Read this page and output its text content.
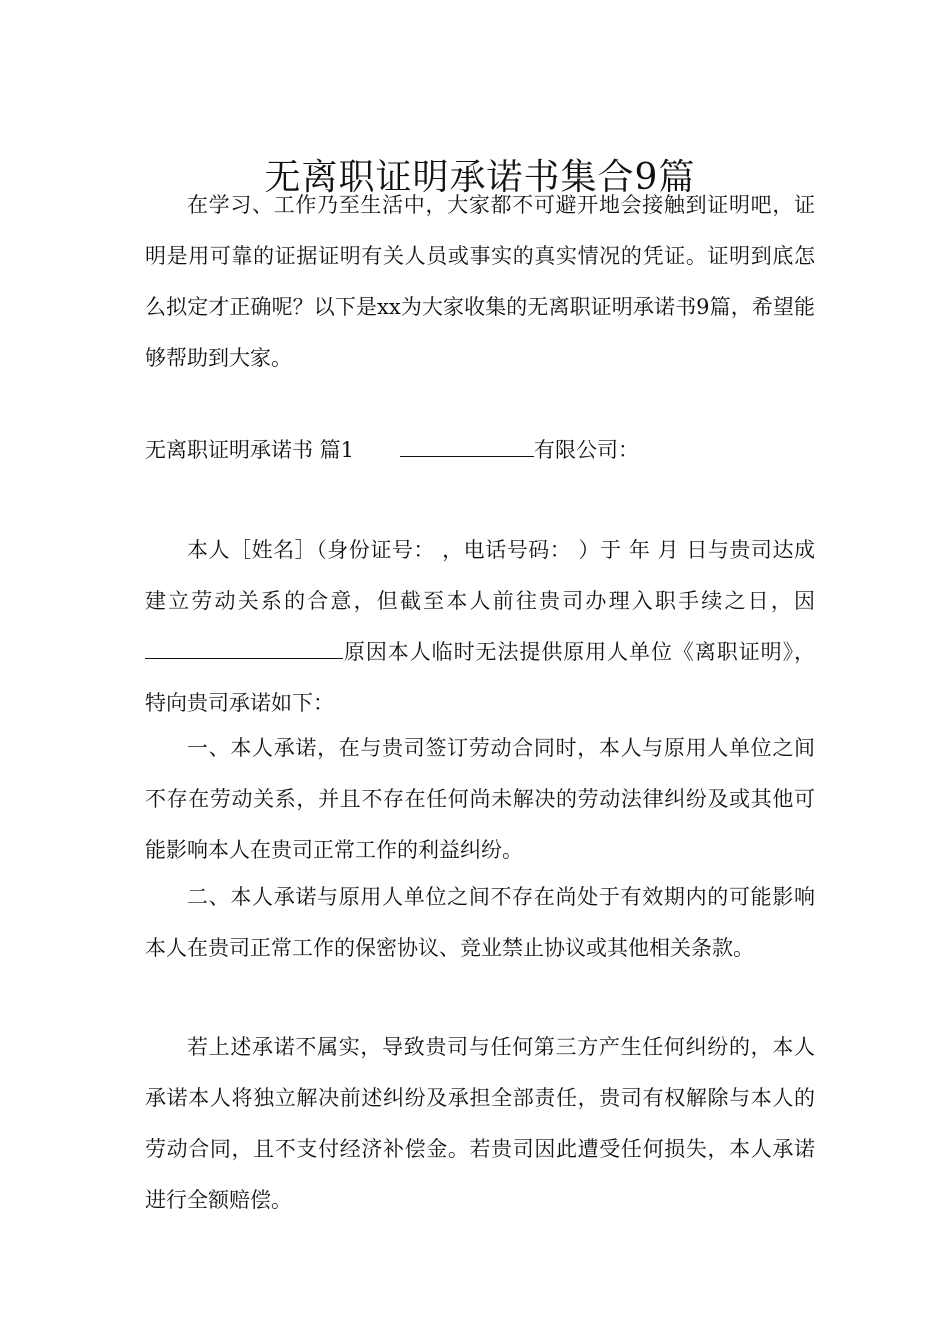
无离职证明承诺书集合9篇

在学习、工作乃至生活中，大家都不可避开地会接触到证明吧，证明是用可靠的证据证明有关人员或事实的真实情况的凭证。证明到底怎么拟定才正确呢？以下是xx为大家收集的无离职证明承诺书9篇，希望能够帮助到大家。

无离职证明承诺书 篇1	有限公司：

本人［姓名］（身份证号： ，电话号码： ）于 年 月 日与贵司达成建立劳动关系的合意，但截至本人前往贵司办理入职手续之日，因原因本人临时无法提供原用人单位《离职证明》，特向贵司承诺如下：

一、本人承诺，在与贵司签订劳动合同时，本人与原用人单位之间不存在劳动关系，并且不存在任何尚未解决的劳动法律纠纷及或其他可能影响本人在贵司正常工作的利益纠纷。

二、本人承诺与原用人单位之间不存在尚处于有效期内的可能影响本人在贵司正常工作的保密协议、竞业禁止协议或其他相关条款。

若上述承诺不属实，导致贵司与任何第三方产生任何纠纷的，本人承诺本人将独立解决前述纠纷及承担全部责任，贵司有权解除与本人的劳动合同，且不支付经济补偿金。若贵司因此遭受任何损失，本人承诺进行全额赔偿。
